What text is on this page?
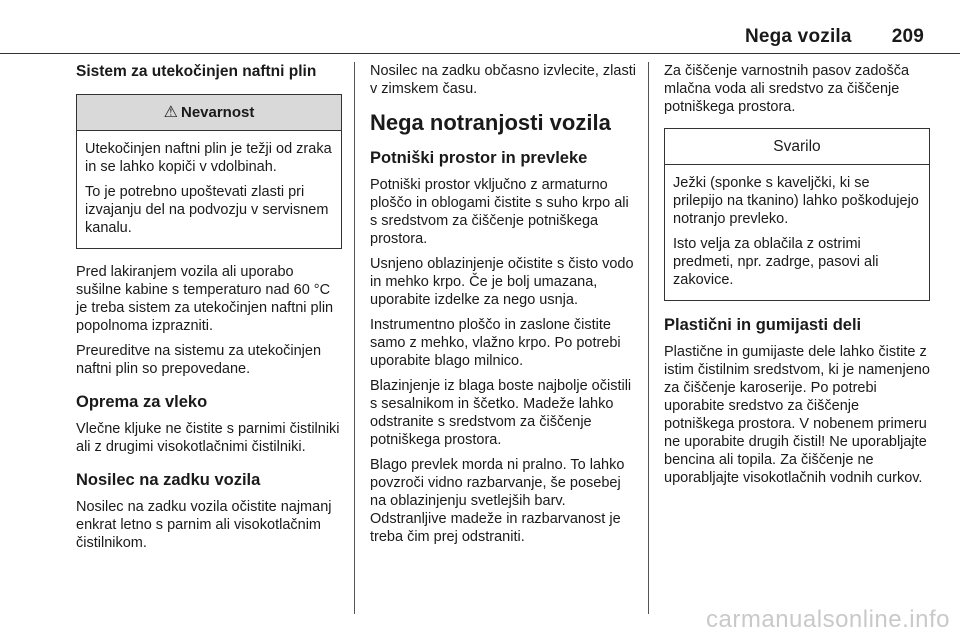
Nega vozila 209
Sistem za utekočinjen naftni plin
⚠ Nevarnost

Utekočinjen naftni plin je težji od zraka in se lahko kopiči v vdolbinah.

To je potrebno upoštevati zlasti pri izvajanju del na podvozju v servisnem kanalu.

Pred lakiranjem vozila ali uporabo sušilne kabine s temperaturo nad 60 °C je treba sistem za utekočinjen naftni plin popolnoma izprazniti.

Preureditve na sistemu za utekočinjen naftni plin so prepovedane.

Oprema za vleko

Vlečne kljuke ne čistite s parnimi čistilniki ali z drugimi visokotlačnimi čistilniki.

Nosilec na zadku vozila

Nosilec na zadku vozila očistite najmanj enkrat letno s parnim ali visokotlačnim čistilnikom.

Nosilec na zadku občasno izvlecite, zlasti v zimskem času.

Nega notranjosti vozila
Potniški prostor in prevleke

Potniški prostor vključno z armaturno ploščo in oblogami čistite s suho krpo ali s sredstvom za čiščenje potniškega prostora.

Usnjeno oblazinjenje očistite s čisto vodo in mehko krpo. Če je bolj umazana, uporabite izdelke za nego usnja.

Instrumentno ploščo in zaslone čistite samo z mehko, vlažno krpo. Po potrebi uporabite blago milnico.

Blazinjenje iz blaga boste najbolje očistili s sesalnikom in ščetko. Madeže lahko odstranite s sredstvom za čiščenje potniškega prostora.

Blago prevlek morda ni pralno. To lahko povzroči vidno razbarvanje, še posebej na oblazinjenju svetlejših barv. Odstranljive madeže in razbarvanost je treba čim prej odstraniti.

Za čiščenje varnostnih pasov zadošča mlačna voda ali sredstvo za čiščenje potniškega prostora.

Svarilo

Ježki (sponke s kaveljčki, ki se prilepijo na tkanino) lahko poškodujejo notranjo prevleko.

Isto velja za oblačila z ostrimi predmeti, npr. zadrge, pasovi ali zakovice.

Plastični in gumijasti deli

Plastične in gumijaste dele lahko čistite z istim čistilnim sredstvom, ki je namenjeno za čiščenje karoserije. Po potrebi uporabite sredstvo za čiščenje potniškega prostora. V nobenem primeru ne uporabite drugih čistil! Ne uporabljajte bencina ali topila. Za čiščenje ne uporabljajte visokotlačnih vodnih curkov.

carmanualsonline.info
